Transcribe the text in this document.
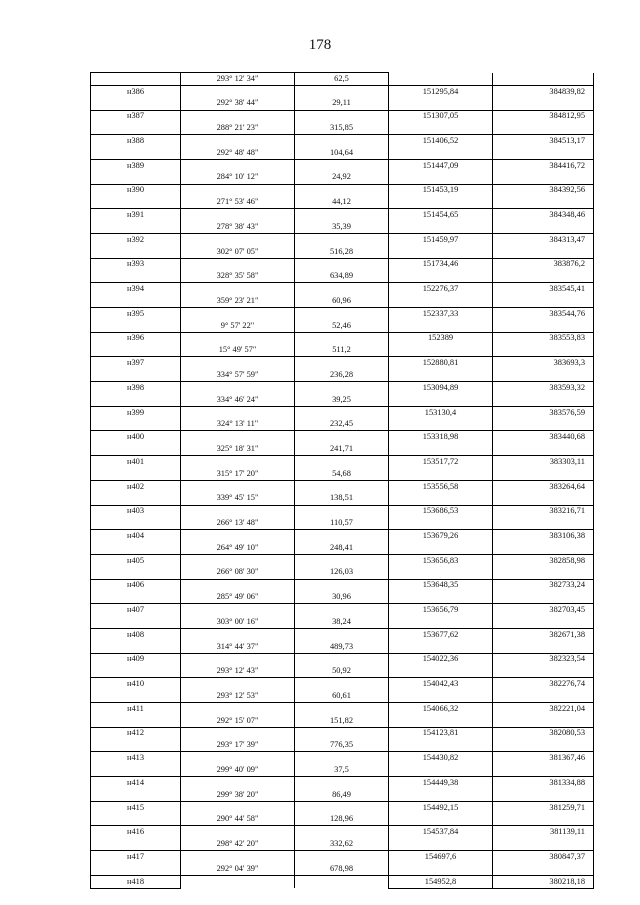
178
	293° 12' 34"	62,5		
н386			151295,84	384839,82
	292° 38' 44"	29,11		
н387			151307,05	384812,95
	288° 21' 23"	315,85		
н388			151406,52	384513,17
	292° 48' 48"	104,64		
н389			151447,09	384416,72
	284° 10' 12"	24,92		
н390			151453,19	384392,56
	271° 53' 46"	44,12		
н391			151454,65	384348,46
	278° 38' 43"	35,39		
н392			151459,97	384313,47
	302° 07' 05"	516,28		
н393			151734,46	383876,2
	328° 35' 58"	634,89		
н394			152276,37	383545,41
	359° 23' 21"	60,96		
н395			152337,33	383544,76
	9° 57' 22"	52,46		
н396			152389	383553,83
	15° 49' 57"	511,2		
н397			152880,81	383693,3
	334° 57' 59"	236,28		
н398			153094,89	383593,32
	334° 46' 24"	39,25		
н399			153130,4	383576,59
	324° 13' 11"	232,45		
н400			153318,98	383440,68
	325° 18' 31"	241,71		
н401			153517,72	383303,11
	315° 17' 20"	54,68		
н402			153556,58	383264,64
	339° 45' 15"	138,51		
н403			153686,53	383216,71
	266° 13' 48"	110,57		
н404			153679,26	383106,38
	264° 49' 10"	248,41		
н405			153656,83	382858,98
	266° 08' 30"	126,03		
н406			153648,35	382733,24
	285° 49' 06"	30,96		
н407			153656,79	382703,45
	303° 00' 16"	38,24		
н408			153677,62	382671,38
	314° 44' 37"	489,73		
н409			154022,36	382323,54
	293° 12' 43"	50,92		
н410			154042,43	382276,74
	293° 12' 53"	60,61		
н411			154066,32	382221,04
	292° 15' 07"	151,82		
н412			154123,81	382080,53
	293° 17' 39"	776,35		
н413			154430,82	381367,46
	299° 40' 09"	37,5		
н414			154449,38	381334,88
	299° 38' 20"	86,49		
н415			154492,15	381259,71
	290° 44' 58"	128,96		
н416			154537,84	381139,11
	298° 42' 20"	332,62		
н417			154697,6	380847,37
	292° 04' 39"	678,98		
н418			154952,8	380218,18
